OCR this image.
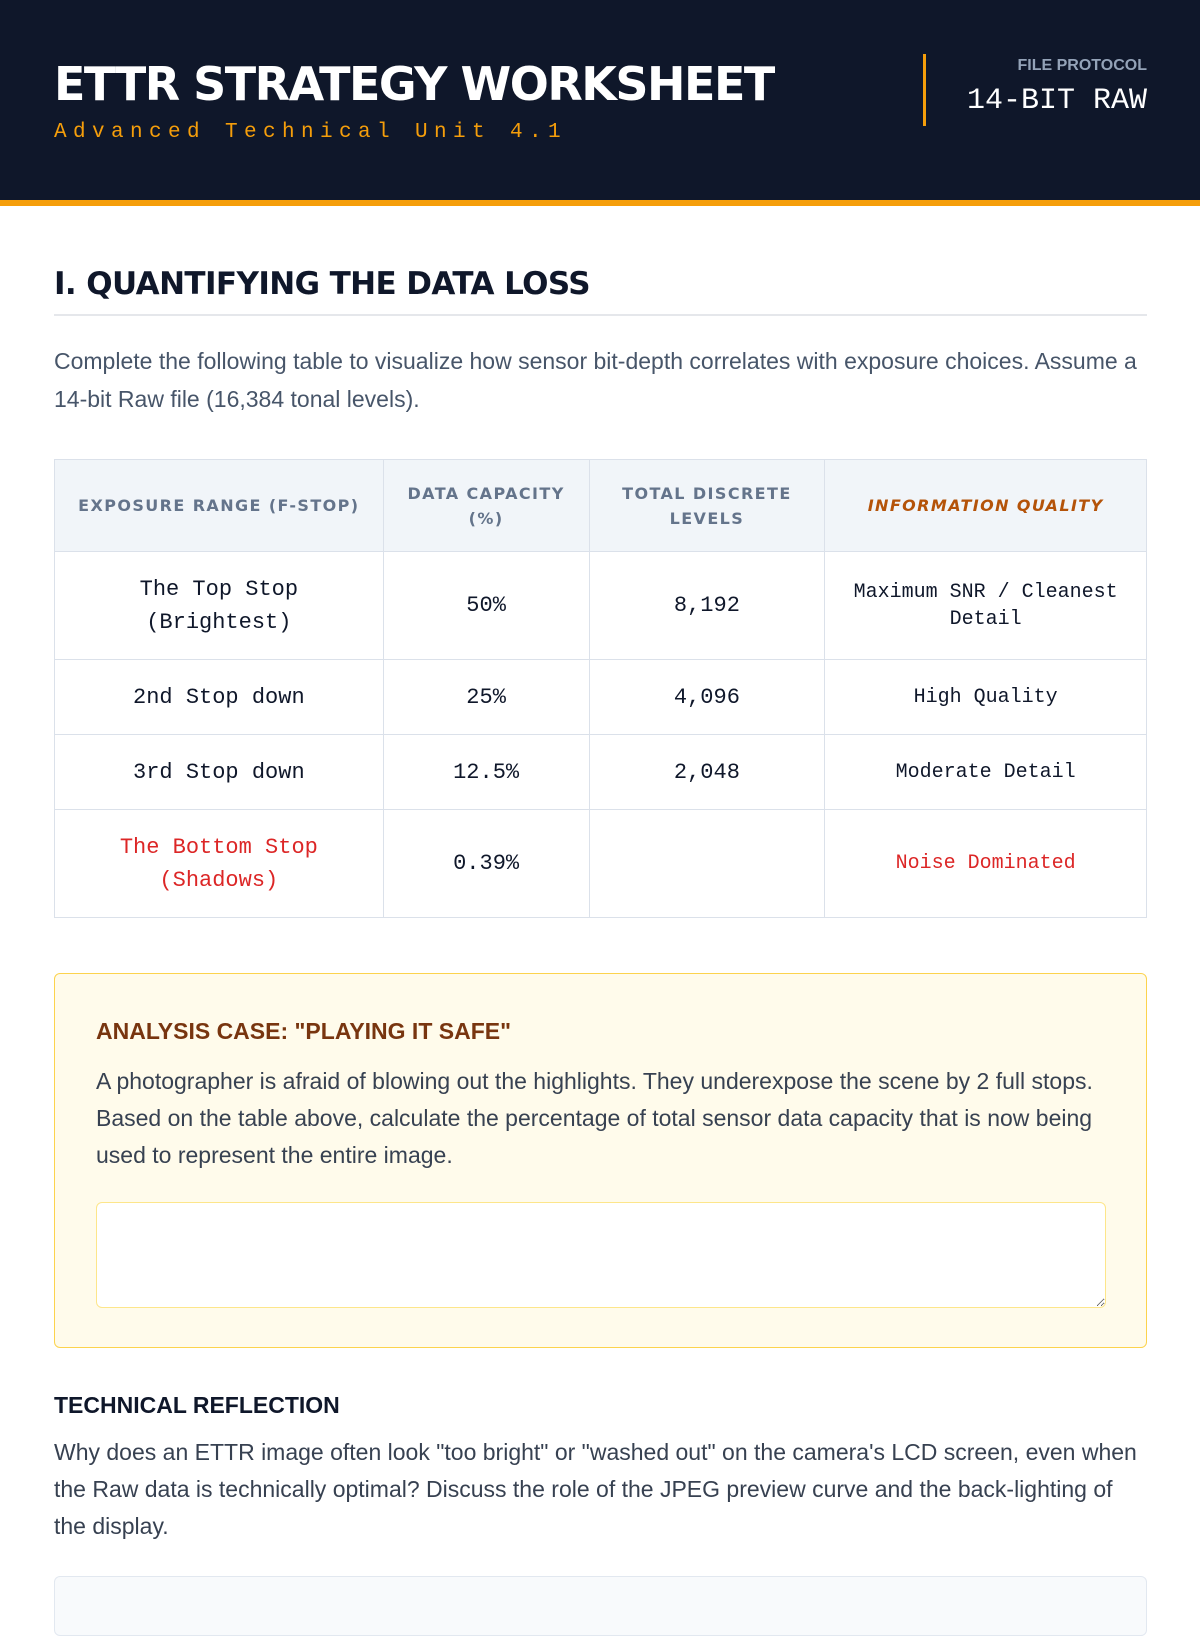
ETTR STRATEGY WORKSHEET
Advanced Technical Unit 4.1
FILE PROTOCOL
14-BIT RAW
I. QUANTIFYING THE DATA LOSS

Complete the following table to visualize how sensor bit-depth correlates with exposure choices. Assume a 14-bit Raw file (16,384 tonal levels).

EXPOSURE RANGE (F-STOP)	DATA CAPACITY (%)	TOTAL DISCRETE LEVELS	INFORMATION QUALITY
The Top Stop (Brightest)	50%	8,192	Maximum SNR / Cleanest Detail
2nd Stop down	25%	4,096	High Quality
3rd Stop down	12.5%	2,048	Moderate Detail
The Bottom Stop (Shadows)	0.39%		Noise Dominated
ANALYSIS CASE: "PLAYING IT SAFE"

A photographer is afraid of blowing out the highlights. They underexpose the scene by 2 full stops. Based on the table above, calculate the percentage of total sensor data capacity that is now being used to represent the entire image.

TECHNICAL REFLECTION

Why does an ETTR image often look "too bright" or "washed out" on the camera's LCD screen, even when the Raw data is technically optimal? Discuss the role of the JPEG preview curve and the back-lighting of the display.
